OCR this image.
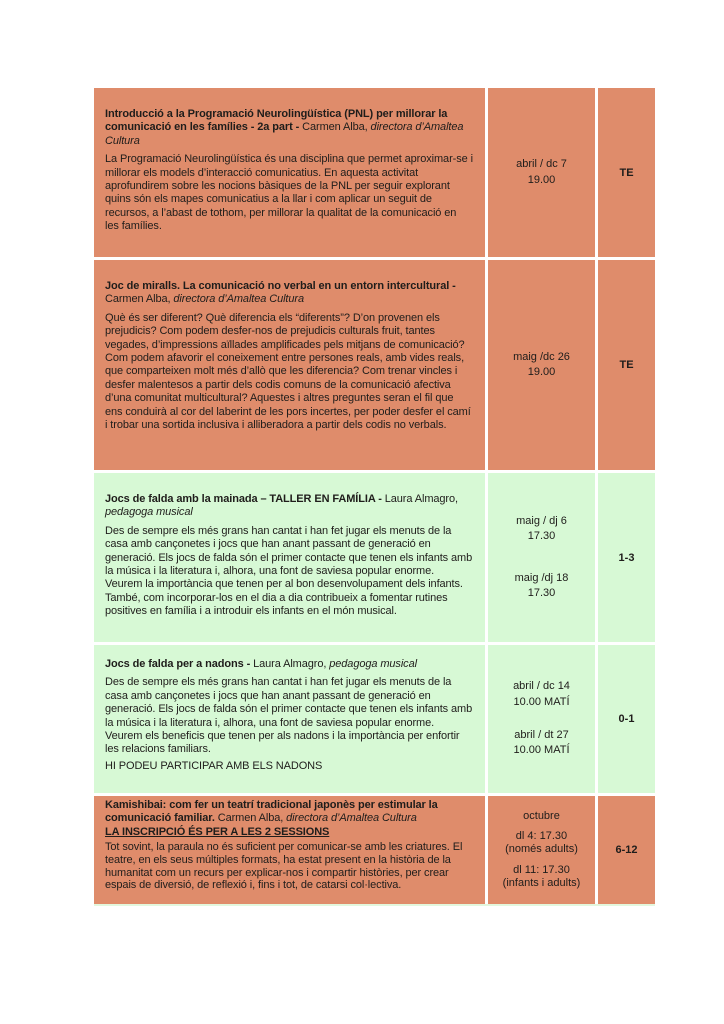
Introducció a la Programació Neurolingüística (PNL) per millorar la comunicació en les famílies - 2a part - Carmen Alba, directora d’Amaltea Cultura

La Programació Neurolingüística és una disciplina que permet aproximar-se i millorar els models d’interacció comunicatius. En aquesta activitat aprofundirem sobre les nocions bàsiques de la PNL per seguir explorant quins són els mapes comunicatius a la llar i com aplicar un seguit de recursos, a l’abast de tothom, per millorar la qualitat de la comunicació en les famílies.

abril / dc 7
19.00
TE

Joc de miralls. La comunicació no verbal en un entorn intercultural - Carmen Alba, directora d’Amaltea Cultura

Què és ser diferent? Què diferencia els “diferents”? D’on provenen els prejudicis? Com podem desfer-nos de prejudicis culturals fruit, tantes vegades, d’impressions aïllades amplificades pels mitjans de comunicació? Com podem afavorir el coneixement entre persones reals, amb vides reals, que comparteixen molt més d’allò que les diferencia? Com trenar vincles i desfer malentesos a partir dels codis comuns de la comunicació afectiva d’una comunitat multicultural? Aquestes i altres preguntes seran el fil que ens conduirà al cor del laberint de les pors incertes, per poder desfer el camí i trobar una sortida inclusiva i alliberadora a partir dels codis no verbals.

maig /dc 26
19.00
TE

Jocs de falda amb la mainada – TALLER EN FAMÍLIA - Laura Almagro, pedagoga musical

Des de sempre els més grans han cantat i han fet jugar els menuts de la casa amb cançonetes i jocs que han anant passant de generació en generació. Els jocs de falda són el primer contacte que tenen els infants amb la música i la literatura i, alhora, una font de saviesa popular enorme. Veurem la importància que tenen per al bon desenvolupament dels infants. També, com incorporar-los en el dia a dia contribueix a fomentar rutines positives en família i a introduir els infants en el món musical.

maig / dj 6
17.30
maig /dj 18
17.30
1-3

Jocs de falda per a nadons - Laura Almagro, pedagoga musical

Des de sempre els més grans han cantat i han fet jugar els menuts de la casa amb cançonetes i jocs que han anant passant de generació en generació. Els jocs de falda són el primer contacte que tenen els infants amb la música i la literatura i, alhora, una font de saviesa popular enorme. Veurem els beneficis que tenen per als nadons i la importància per enfortir les relacions familiars.

HI PODEU PARTICIPAR AMB ELS NADONS

abril / dc 14
10.00 MATÍ
abril / dt 27
10.00 MATÍ
0-1

Kamishibai: com fer un teatrí tradicional japonès per estimular la comunicació familiar. Carmen Alba, directora d’Amaltea Cultura

LA INSCRIPCIÓ ÉS PER A LES 2 SESSIONS

Tot sovint, la paraula no és suficient per comunicar-se amb les criatures. El teatre, en els seus múltiples formats, ha estat present en la història de la humanitat com un recurs per explicar-nos i compartir històries, per crear espais de diversió, de reflexió i, fins i tot, de catarsi col·lectiva.

octubre
dl 4: 17.30
(només adults)
dl 11: 17.30
(infants i adults)
6-12
